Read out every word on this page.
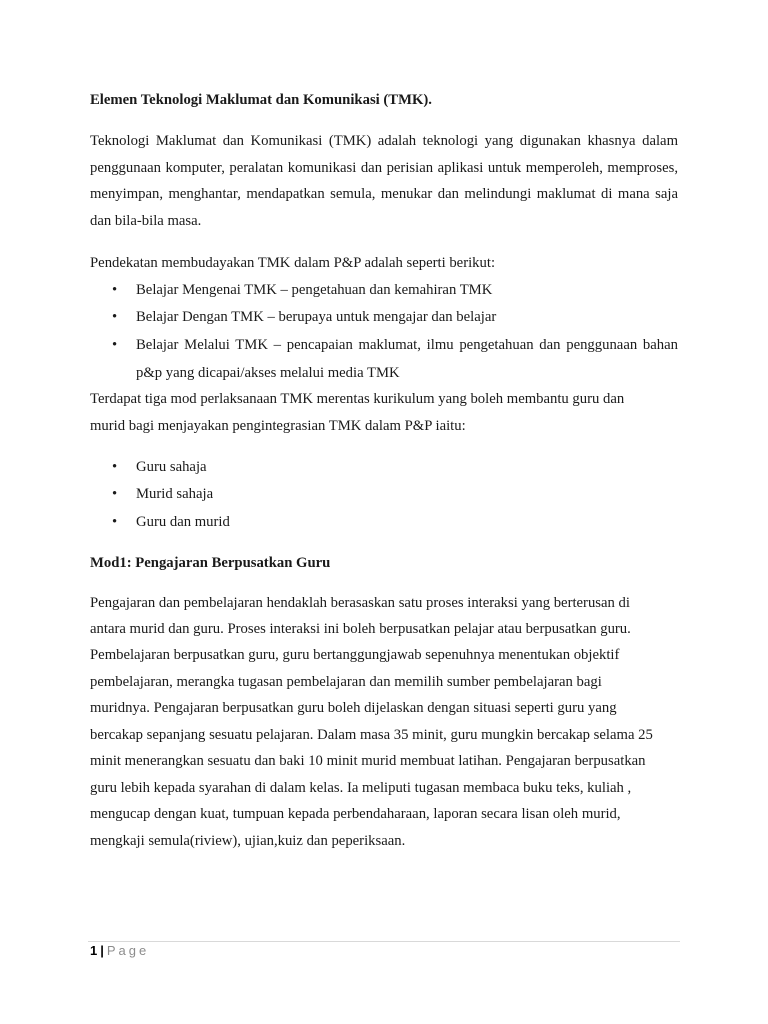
Elemen Teknologi Maklumat dan Komunikasi (TMK).
Teknologi Maklumat dan Komunikasi (TMK) adalah teknologi yang digunakan khasnya dalam penggunaan komputer, peralatan komunikasi dan perisian aplikasi untuk memperoleh, memproses, menyimpan, menghantar, mendapatkan semula, menukar dan melindungi maklumat di mana saja dan bila-bila masa.
Pendekatan membudayakan TMK dalam P&P adalah seperti berikut:
• Belajar Mengenai TMK – pengetahuan dan kemahiran TMK
• Belajar Dengan TMK – berupaya untuk mengajar dan belajar
• Belajar Melalui TMK – pencapaian maklumat, ilmu pengetahuan dan penggunaan bahan p&p yang dicapai/akses melalui media TMK
Terdapat tiga mod perlaksanaan TMK merentas kurikulum yang boleh membantu guru dan
murid bagi menjayakan pengintegrasian TMK dalam P&P iaitu:
• Guru sahaja
• Murid sahaja
• Guru dan murid
Mod1: Pengajaran Berpusatkan Guru
Pengajaran dan pembelajaran hendaklah berasaskan satu proses interaksi yang berterusan di
antara murid dan guru. Proses interaksi ini boleh berpusatkan pelajar atau berpusatkan guru.
Pembelajaran berpusatkan guru, guru bertanggungjawab sepenuhnya menentukan objektif
pembelajaran, merangka tugasan pembelajaran dan memilih sumber pembelajaran bagi
muridnya. Pengajaran berpusatkan guru boleh dijelaskan dengan situasi seperti guru yang
bercakap sepanjang sesuatu pelajaran. Dalam masa 35 minit, guru mungkin bercakap selama 25
minit menerangkan sesuatu dan baki 10 minit murid membuat latihan. Pengajaran berpusatkan
guru lebih kepada syarahan di dalam kelas. Ia meliputi tugasan membaca buku teks, kuliah ,
mengucap dengan kuat, tumpuan kepada perbendaharaan, laporan secara lisan oleh murid,
mengkaji semula(riview), ujian,kuiz dan peperiksaan.
1 | Page
